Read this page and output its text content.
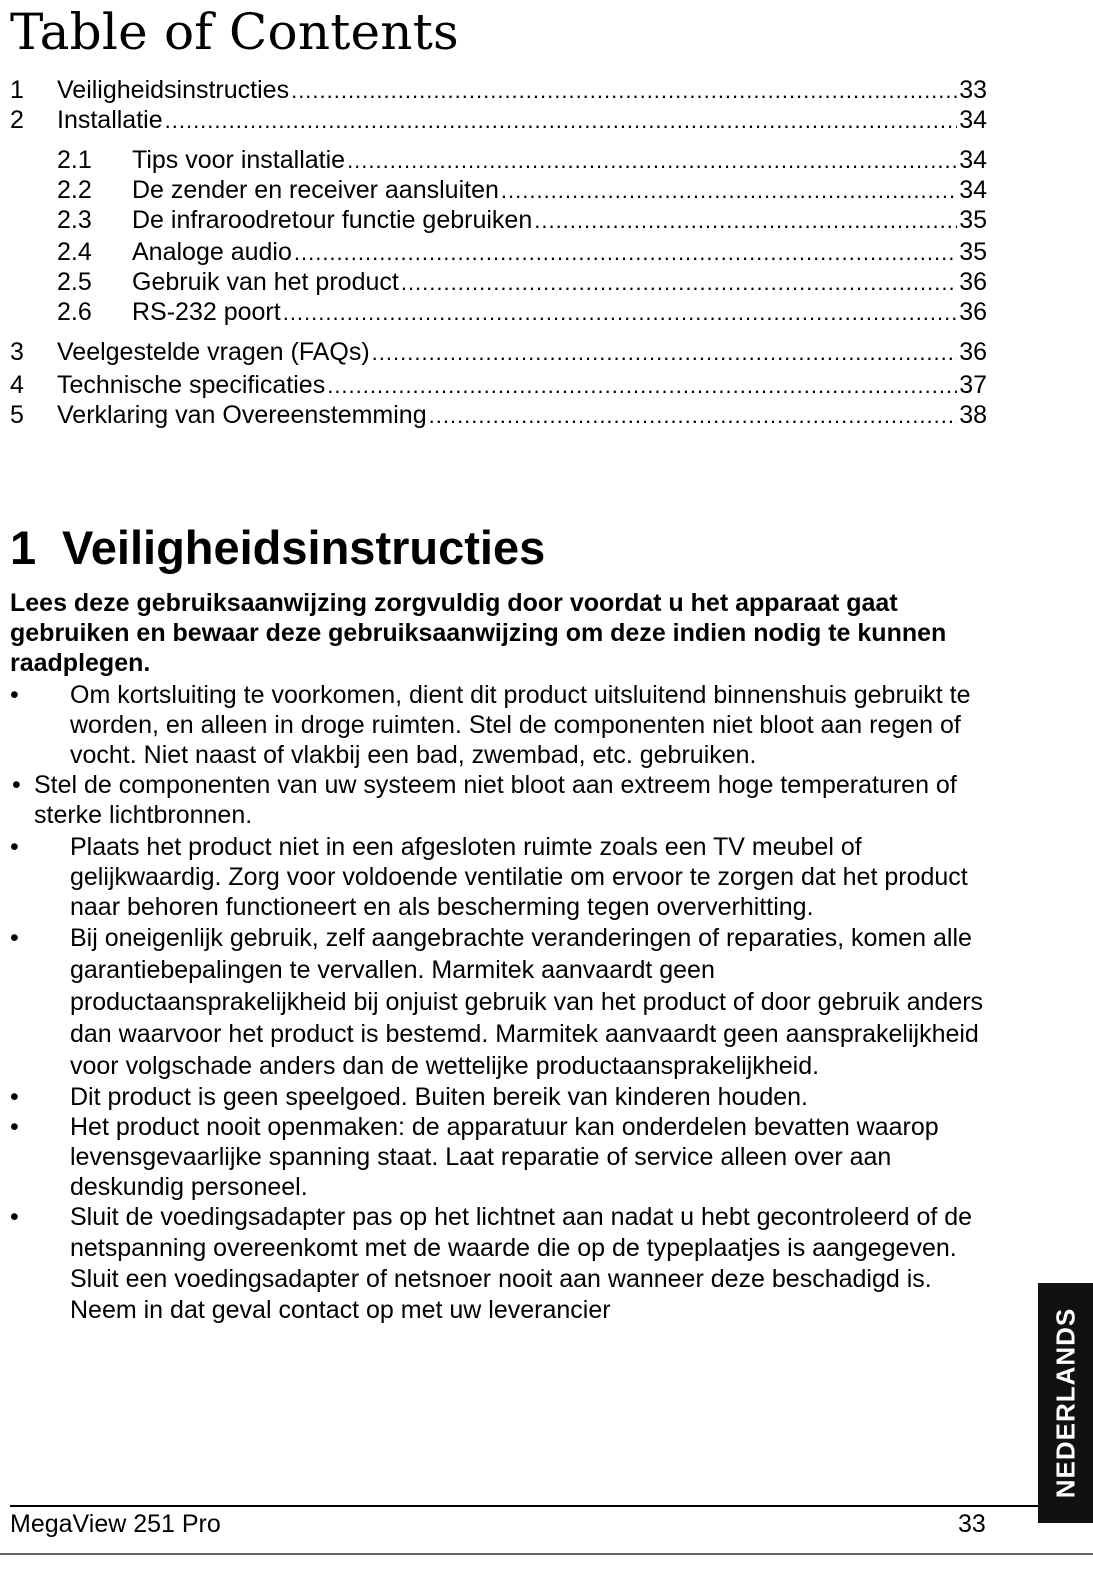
Table of Contents
1	Veiligheidsinstructies .....	33
2	Installatie .....	34
2.1	Tips voor installatie .....	34
2.2	De zender en receiver aansluiten .....	34
2.3	De infraroodretour functie gebruiken .....	35
2.4	Analoge audio .....	35
2.5	Gebruik van het product .....	36
2.6	RS-232 poort .....	36
3	Veelgestelde vragen (FAQs) .....	36
4	Technische specificaties .....	37
5	Verklaring van Overeenstemming .....	38
1 Veiligheidsinstructies

Lees deze gebruiksaanwijzing zorgvuldig door voordat u het apparaat gaat gebruiken en bewaar deze gebruiksaanwijzing om deze indien nodig te kunnen raadplegen.

• Om kortsluiting te voorkomen, dient dit product uitsluitend binnenshuis gebruikt te worden, en alleen in droge ruimten. Stel de componenten niet bloot aan regen of vocht. Niet naast of vlakbij een bad, zwembad, etc. gebruiken.
• Stel de componenten van uw systeem niet bloot aan extreem hoge temperaturen of sterke lichtbronnen.
• Plaats het product niet in een afgesloten ruimte zoals een TV meubel of gelijkwaardig. Zorg voor voldoende ventilatie om ervoor te zorgen dat het product naar behoren functioneert en als bescherming tegen oververhitting.
• Bij oneigenlijk gebruik, zelf aangebrachte veranderingen of reparaties, komen alle garantiebepalingen te vervallen. Marmitek aanvaardt geen productaansprakelijkheid bij onjuist gebruik van het product of door gebruik anders dan waarvoor het product is bestemd. Marmitek aanvaardt geen aansprakelijkheid voor volgschade anders dan de wettelijke productaansprakelijkheid.
• Dit product is geen speelgoed. Buiten bereik van kinderen houden.
• Het product nooit openmaken: de apparatuur kan onderdelen bevatten waarop levensgevaarlijke spanning staat. Laat reparatie of service alleen over aan deskundig personeel.
• Sluit de voedingsadapter pas op het lichtnet aan nadat u hebt gecontroleerd of de netspanning overeenkomt met de waarde die op de typeplaatjes is aangegeven. Sluit een voedingsadapter of netsnoer nooit aan wanneer deze beschadigd is. Neem in dat geval contact op met uw leverancier	NEDERLANDS
MegaView 251 Pro	33
